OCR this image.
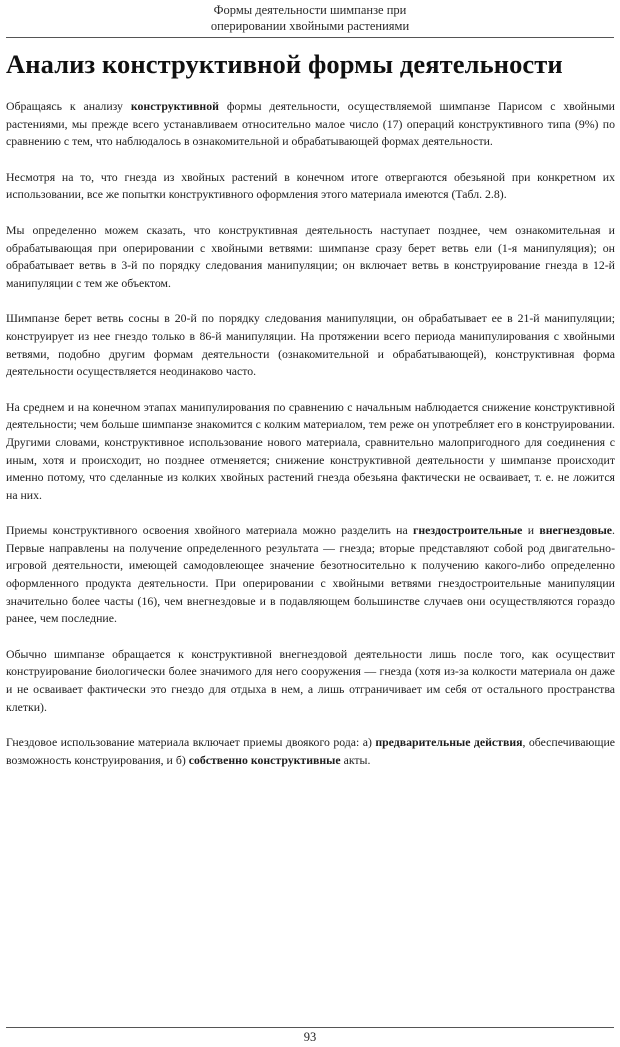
Формы деятельности шимпанзе при
оперировании хвойными растениями
Анализ конструктивной формы деятельности

Обращаясь к анализу конструктивной формы деятельности, осуществляемой шимпанзе Парисом с хвойными растениями, мы прежде всего устанавливаем относительно малое число (17) операций конструктивного типа (9%) по сравнению с тем, что наблюдалось в ознакомительной и обрабатывающей формах деятельности.

Несмотря на то, что гнезда из хвойных растений в конечном итоге отвергаются обезьяной при конкретном их использовании, все же попытки конструктивного оформления этого материала имеются (Табл. 2.8).

Мы определенно можем сказать, что конструктивная деятельность наступает позднее, чем ознакомительная и обрабатывающая при оперировании с хвойными ветвями: шимпанзе сразу берет ветвь ели (1-я манипуляция); он обрабатывает ветвь в 3-й по порядку следования манипуляции; он включает ветвь в конструирование гнезда в 12-й манипуляции с тем же объектом.

Шимпанзе берет ветвь сосны в 20-й по порядку следования манипуляции, он обрабатывает ее в 21-й манипуляции; конструирует из нее гнездо только в 86-й манипуляции. На протяжении всего периода манипулирования с хвойными ветвями, подобно другим формам деятельности (ознакомительной и обрабатывающей), конструктивная форма деятельности осуществляется неодинаково часто.

На среднем и на конечном этапах манипулирования по сравнению с начальным наблюдается снижение конструктивной деятельности; чем больше шимпанзе знакомится с колким материалом, тем реже он употребляет его в конструировании. Другими словами, конструктивное использование нового материала, сравнительно малопригодного для соединения с иным, хотя и происходит, но позднее отменяется; снижение конструктивной деятельности у шимпанзе происходит именно потому, что сделанные из колких хвойных растений гнезда обезьяна фактически не осваивает, т. е. не ложится на них.

Приемы конструктивного освоения хвойного материала можно разделить на гнездостроительные и внегнездовые. Первые направлены на получение определенного результата — гнезда; вторые представляют собой род двигательно-игровой деятельности, имеющей самодовлеющее значение безотносительно к получению какого-либо определенно оформленного продукта деятельности. При оперировании с хвойными ветвями гнездостроительные манипуляции значительно более часты (16), чем внегнездовые и в подавляющем большинстве случаев они осуществляются гораздо ранее, чем последние.

Обычно шимпанзе обращается к конструктивной внегнездовой деятельности лишь после того, как осуществит конструирование биологически более значимого для него сооружения — гнезда (хотя из-за колкости материала он даже и не осваивает фактически это гнездо для отдыха в нем, а лишь отграничивает им себя от остального пространства клетки).

Гнездовое использование материала включает приемы двоякого рода: а) предварительные действия, обеспечивающие возможность конструирования, и б) собственно конструктивные акты.

93
